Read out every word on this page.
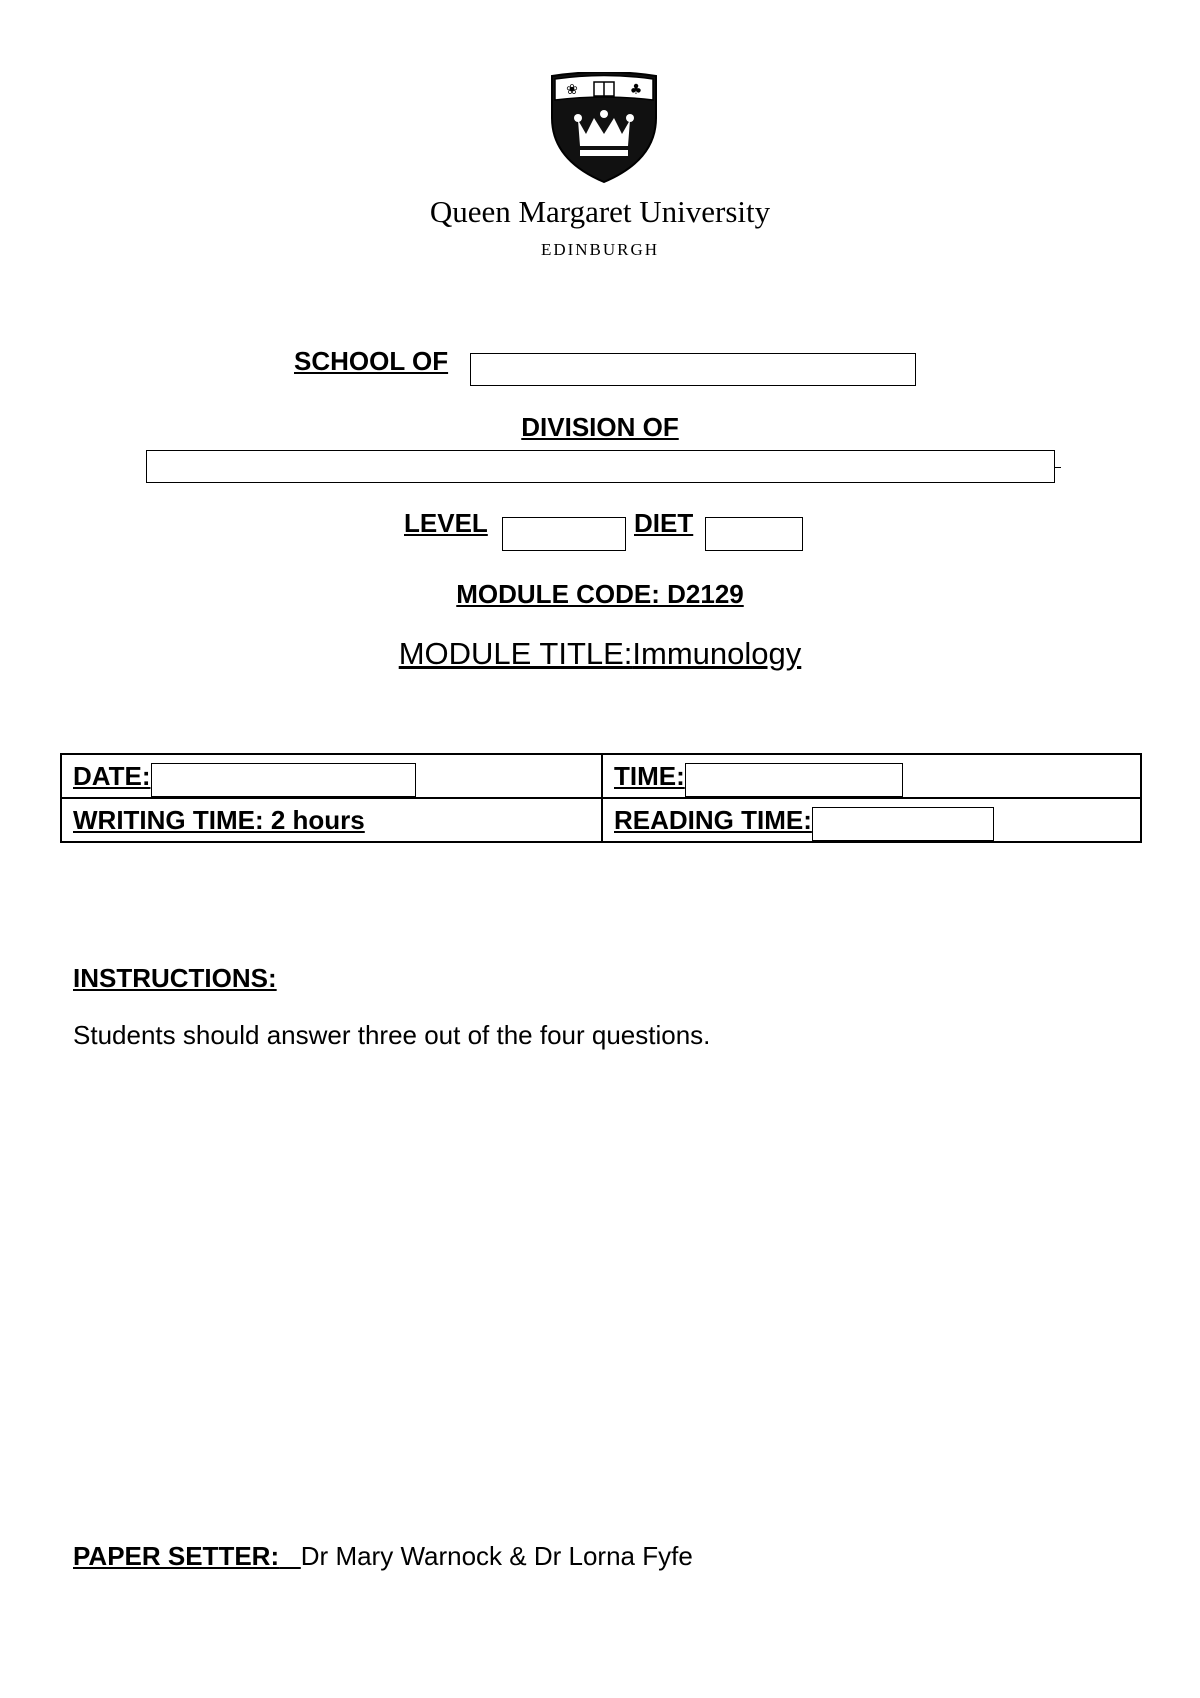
❀	♣
Queen Margaret University
EDINBURGH
SCHOOL OF
DIVISION OF
LEVEL	DIET
MODULE CODE: D2129
MODULE TITLE:Immunology
DATE:	TIME:
WRITING TIME: 2 hours	READING TIME:
INSTRUCTIONS:
Students should answer three out of the four questions.
PAPER SETTER: Dr Mary Warnock & Dr Lorna Fyfe
